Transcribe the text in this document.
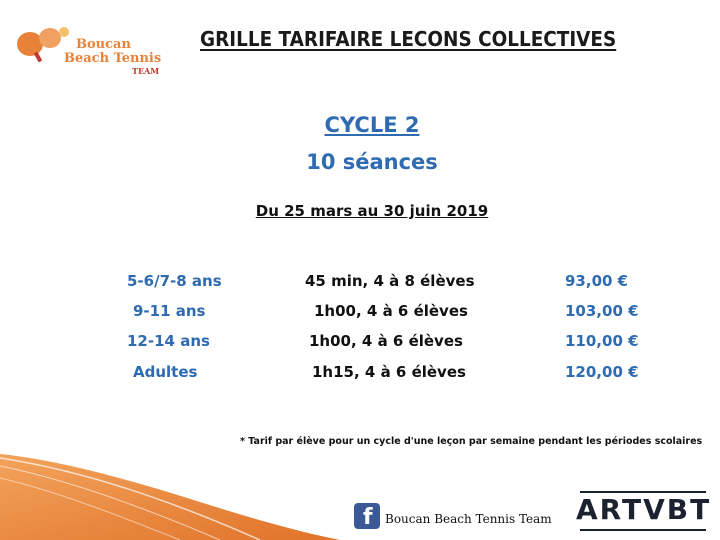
Boucan
Beach Tennis
TEAM
GRILLE TARIFAIRE LECONS COLLECTIVES
CYCLE 2
10 séances
Du 25 mars au 30 juin 2019
5-6/7-8 ans	45 min, 4 à 8 élèves	93,00 €
9-11 ans	1h00, 4 à 6 élèves	103,00 €
12-14 ans	1h00, 4 à 6 élèves	110,00 €
Adultes	1h15, 4 à 6 élèves	120,00 €
* Tarif par élève pour un cycle d'une leçon par semaine pendant les périodes scolaires
f Boucan Beach Tennis Team ARTVBT
